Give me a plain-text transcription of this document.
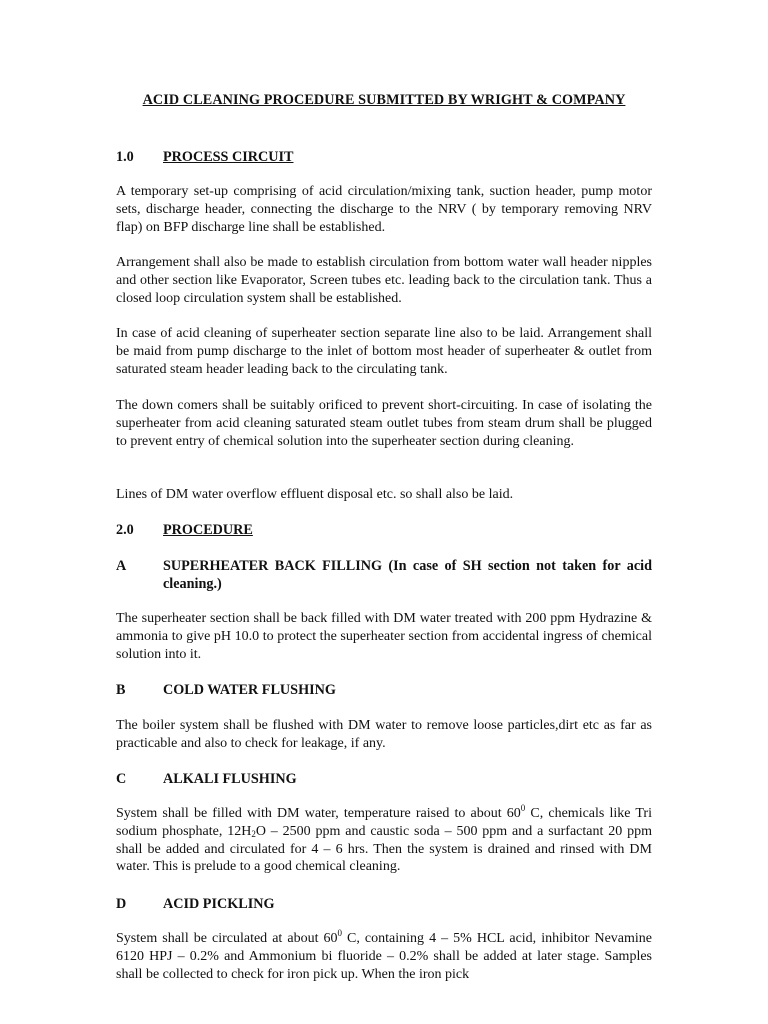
ACID CLEANING PROCEDURE SUBMITTED BY WRIGHT & COMPANY
1.0 PROCESS CIRCUIT
A temporary set-up comprising of acid circulation/mixing tank, suction header, pump motor sets, discharge header, connecting the discharge to the NRV ( by temporary removing NRV flap) on BFP discharge line shall be established.
Arrangement shall also be made to establish circulation from bottom water wall header nipples and other section like Evaporator, Screen tubes etc. leading back to the circulation tank. Thus a closed loop circulation system shall be established.
In case of acid cleaning of superheater section separate line also to be laid. Arrangement shall be maid from pump discharge to the inlet of bottom most header of superheater & outlet from saturated steam header leading back to the circulating tank.
The down comers shall be suitably orificed to prevent short-circuiting. In case of isolating the superheater from acid cleaning saturated steam outlet tubes from steam drum shall be plugged to prevent entry of chemical solution into the superheater section during cleaning.
Lines of DM water overflow effluent disposal etc. so shall also be laid.
2.0 PROCEDURE
A	SUPERHEATER BACK FILLING (In case of SH section not taken for acid cleaning.)
The superheater section shall be back filled with DM water treated with 200 ppm Hydrazine & ammonia to give pH 10.0 to protect the superheater section from accidental ingress of chemical solution into it.
B	COLD WATER FLUSHING
The boiler system shall be flushed with DM water to remove loose particles,dirt etc as far as practicable and also to check for leakage, if any.
C	ALKALI FLUSHING
System shall be filled with DM water, temperature raised to about $60^0$ C, chemicals like Tri sodium phosphate, $12H_2O - 2500$ ppm and caustic soda – 500 ppm and a surfactant 20 ppm shall be added and circulated for 4 – 6 hrs. Then the system is drained and rinsed with DM water. This is prelude to a good chemical cleaning.
D	ACID PICKLING
System shall be circulated at about $60^0$ C, containing 4 – 5% HCL acid, inhibitor Nevamine 6120 HPJ – 0.2% and Ammonium bi fluoride – 0.2% shall be added at later stage. Samples shall be collected to check for iron pick up. When the iron pick
